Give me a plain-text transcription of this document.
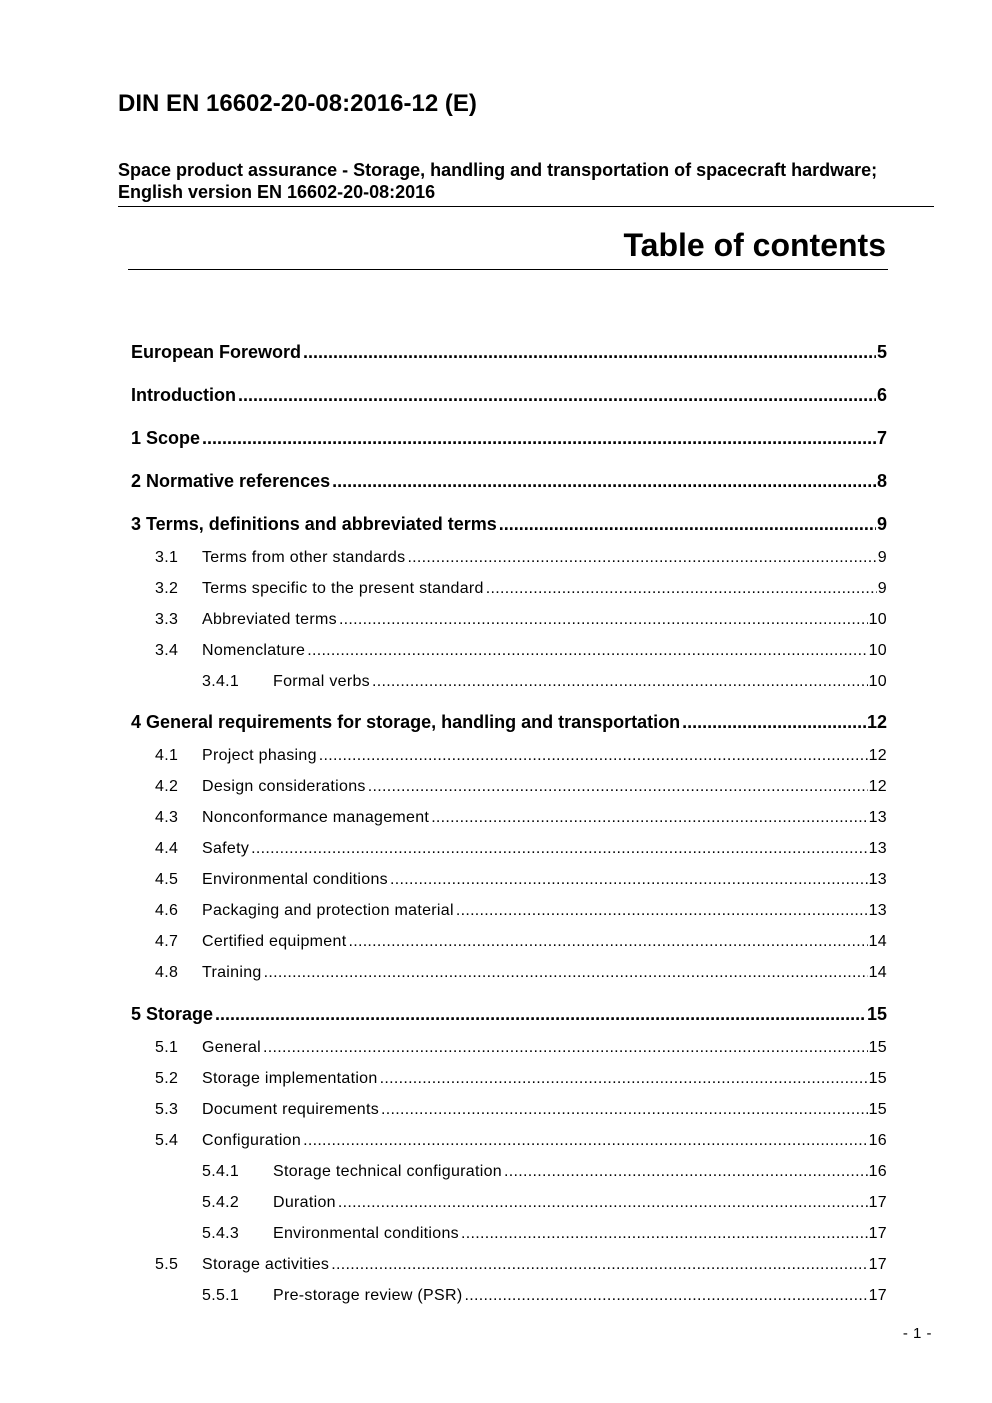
DIN EN 16602-20-08:2016-12 (E)
Space product assurance - Storage, handling and transportation of spacecraft hardware; English version EN 16602-20-08:2016
Table of contents
European Foreword .....	5
Introduction .....	6
1 Scope .....	7
2 Normative references .....	8
3 Terms, definitions and abbreviated terms .....	9
3.1	Terms from other standards .....	9
3.2	Terms specific to the present standard .....	9
3.3	Abbreviated terms .....	10
3.4	Nomenclature .....	10
3.4.1	Formal verbs .....	10
4 General requirements for storage, handling and transportation .....	12
4.1	Project phasing .....	12
4.2	Design considerations .....	12
4.3	Nonconformance management .....	13
4.4	Safety .....	13
4.5	Environmental conditions .....	13
4.6	Packaging and protection material .....	13
4.7	Certified equipment .....	14
4.8	Training .....	14
5 Storage .....	15
5.1	General .....	15
5.2	Storage implementation .....	15
5.3	Document requirements .....	15
5.4	Configuration .....	16
5.4.1	Storage technical configuration .....	16
5.4.2	Duration .....	17
5.4.3	Environmental conditions .....	17
5.5	Storage activities .....	17
5.5.1	Pre-storage review (PSR) .....	17
- 1 -
